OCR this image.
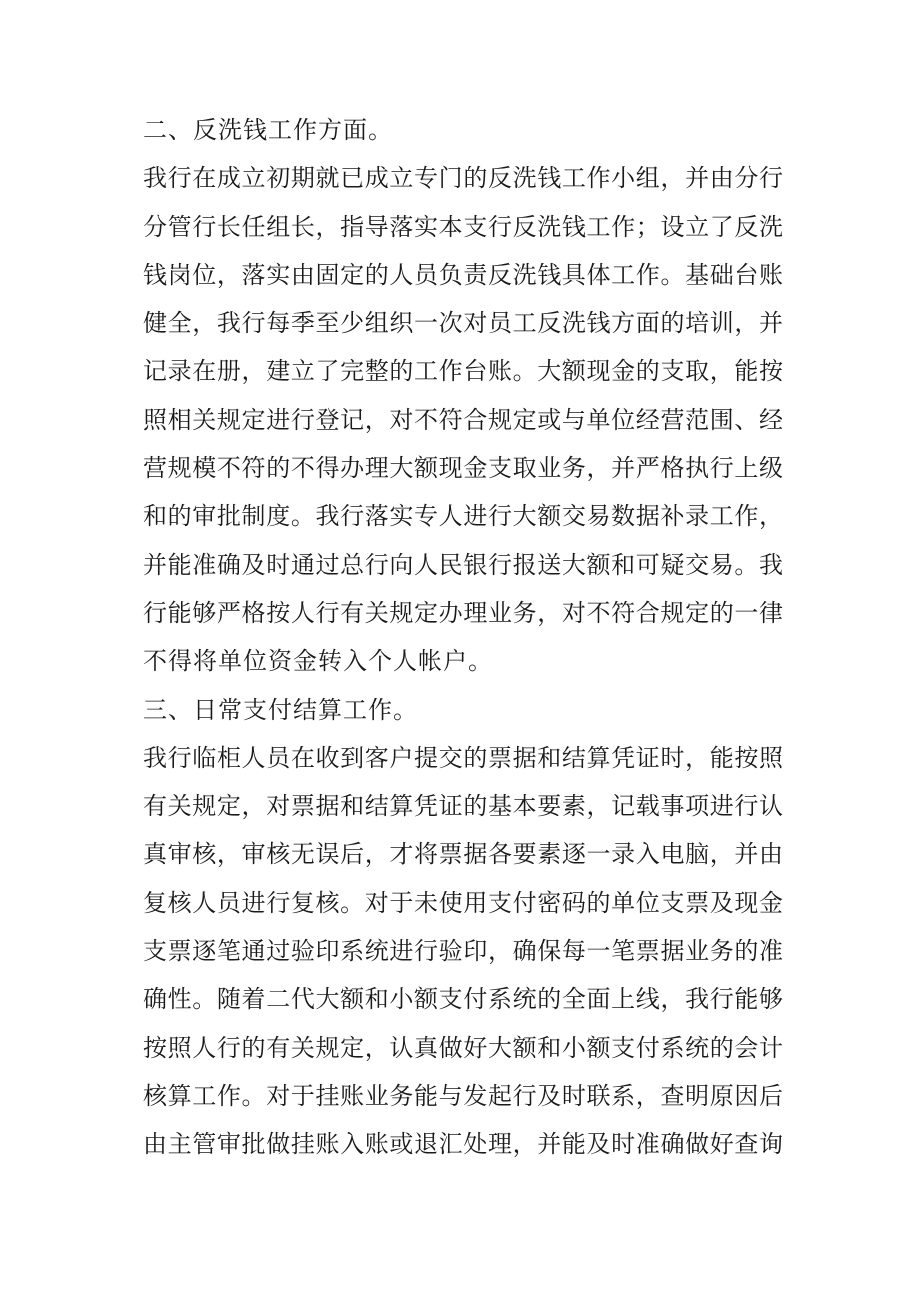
二、反洗钱工作方面。
我行在成立初期就已成立专门的反洗钱工作小组，并由分行
分管行长任组长，指导落实本支行反洗钱工作；设立了反洗
钱岗位，落实由固定的人员负责反洗钱具体工作。基础台账
健全，我行每季至少组织一次对员工反洗钱方面的培训，并
记录在册，建立了完整的工作台账。大额现金的支取，能按
照相关规定进行登记，对不符合规定或与单位经营范围、经
营规模不符的不得办理大额现金支取业务，并严格执行上级
和的审批制度。我行落实专人进行大额交易数据补录工作，
并能准确及时通过总行向人民银行报送大额和可疑交易。我
行能够严格按人行有关规定办理业务，对不符合规定的一律
不得将单位资金转入个人帐户。
三、日常支付结算工作。
我行临柜人员在收到客户提交的票据和结算凭证时，能按照
有关规定，对票据和结算凭证的基本要素，记载事项进行认
真审核，审核无误后，才将票据各要素逐一录入电脑，并由
复核人员进行复核。对于未使用支付密码的单位支票及现金
支票逐笔通过验印系统进行验印，确保每一笔票据业务的准
确性。随着二代大额和小额支付系统的全面上线，我行能够
按照人行的有关规定，认真做好大额和小额支付系统的会计
核算工作。对于挂账业务能与发起行及时联系，查明原因后
由主管审批做挂账入账或退汇处理，并能及时准确做好查询
